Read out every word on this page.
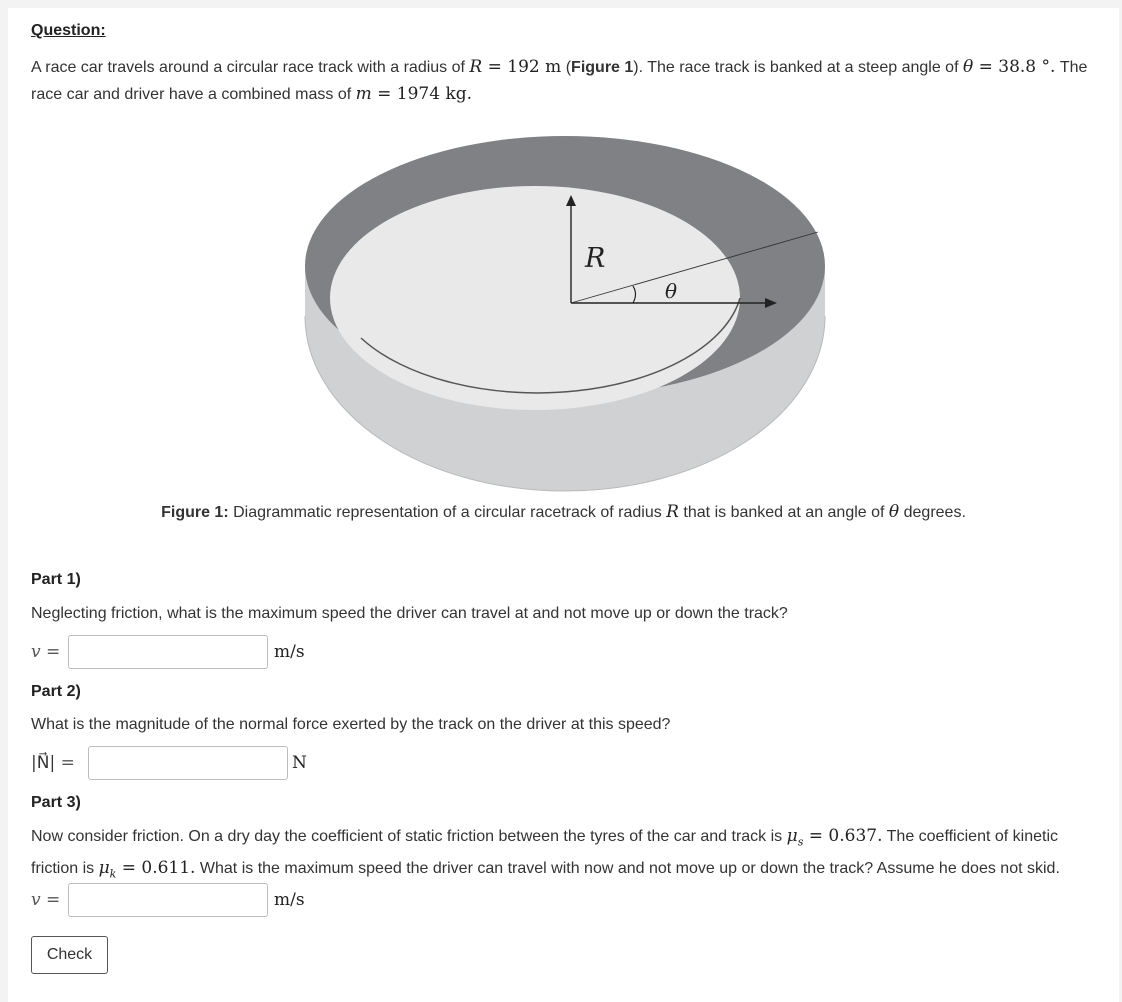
Question:
A race car travels around a circular race track with a radius of R = 192 m (Figure 1). The race track is banked at a steep angle of θ = 38.8 °. The race car and driver have a combined mass of m = 1974 kg.
R
θ
Figure 1: Diagrammatic representation of a circular racetrack of radius R that is banked at an angle of θ degrees.
Part 1)
Neglecting friction, what is the maximum speed the driver can travel at and not move up or down the track?
v =	m/s
Part 2)
What is the magnitude of the normal force exerted by the track on the driver at this speed?
|N⃗| =	N
Part 3)
Now consider friction. On a dry day the coefficient of static friction between the tyres of the car and track is $\mu_s = 0.637$. The coefficient of kinetic friction is $\mu_k = 0.611$. What is the maximum speed the driver can travel with now and not move up or down the track? Assume he does not skid.
v =	m/s
Check
